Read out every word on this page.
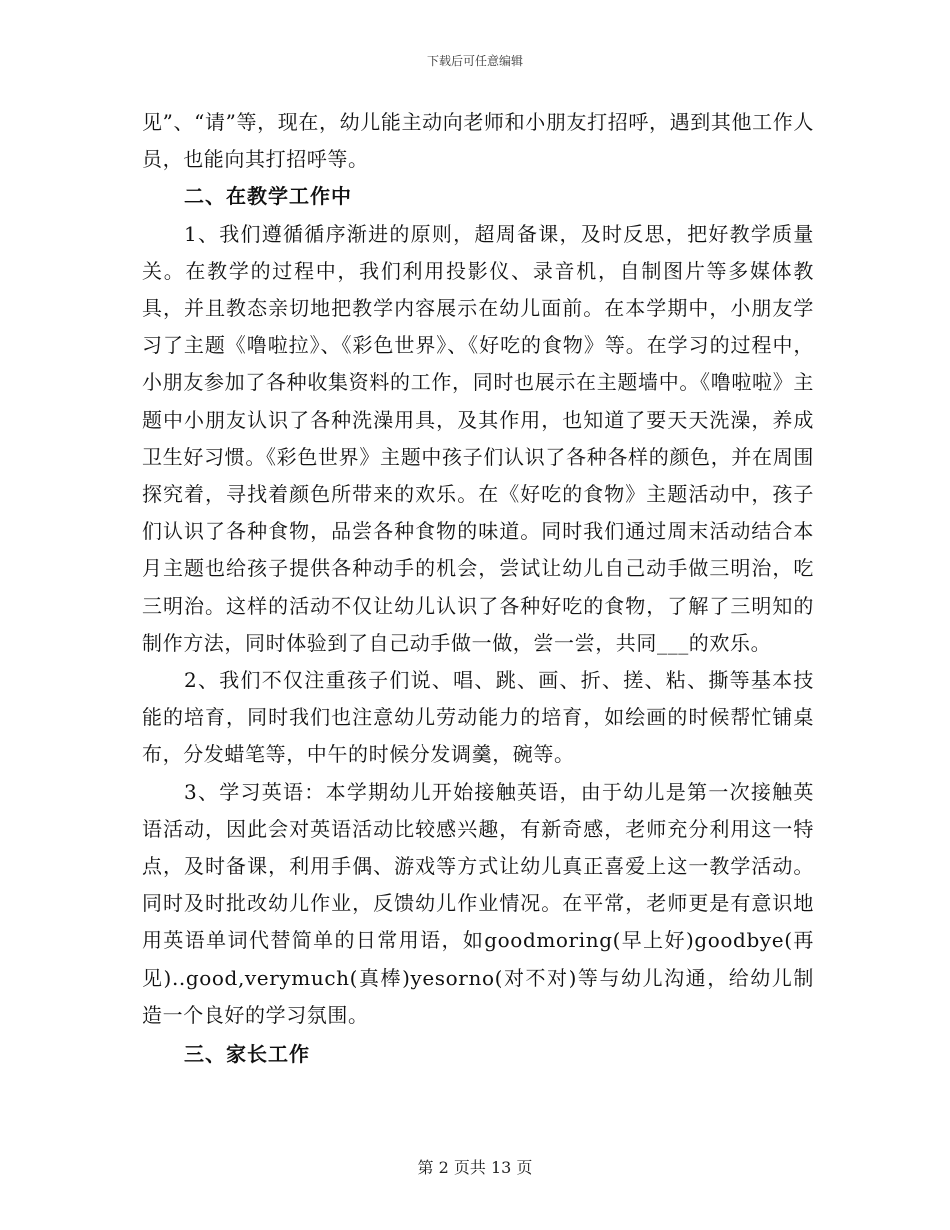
下载后可任意编辑

见”、“请”等，现在，幼儿能主动向老师和小朋友打招呼，遇到其他工作人员，也能向其打招呼等。

二、在教学工作中

1、我们遵循循序渐进的原则，超周备课，及时反思，把好教学质量关。在教学的过程中，我们利用投影仪、录音机，自制图片等多媒体教具，并且教态亲切地把教学内容展示在幼儿面前。在本学期中，小朋友学习了主题《噜啦拉》、《彩色世界》、《好吃的食物》等。在学习的过程中，小朋友参加了各种收集资料的工作，同时也展示在主题墙中。《噜啦啦》主题中小朋友认识了各种洗澡用具，及其作用，也知道了要天天洗澡，养成卫生好习惯。《彩色世界》主题中孩子们认识了各种各样的颜色，并在周围探究着，寻找着颜色所带来的欢乐。在《好吃的食物》主题活动中，孩子们认识了各种食物，品尝各种食物的味道。同时我们通过周末活动结合本月主题也给孩子提供各种动手的机会，尝试让幼儿自己动手做三明治，吃三明治。这样的活动不仅让幼儿认识了各种好吃的食物，了解了三明知的制作方法，同时体验到了自己动手做一做，尝一尝，共同___的欢乐。

2、我们不仅注重孩子们说、唱、跳、画、折、搓、粘、撕等基本技能的培育，同时我们也注意幼儿劳动能力的培育，如绘画的时候帮忙铺桌布，分发蜡笔等，中午的时候分发调羹，碗等。

3、学习英语：本学期幼儿开始接触英语，由于幼儿是第一次接触英语活动，因此会对英语活动比较感兴趣，有新奇感，老师充分利用这一特点，及时备课，利用手偶、游戏等方式让幼儿真正喜爱上这一教学活动。同时及时批改幼儿作业，反馈幼儿作业情况。在平常，老师更是有意识地用英语单词代替简单的日常用语，如goodmoring(早上好)goodbye(再见)..good,verymuch(真棒)yesorno(对不对)等与幼儿沟通，给幼儿制造一个良好的学习氛围。

三、家长工作

第 2 页共 13 页
